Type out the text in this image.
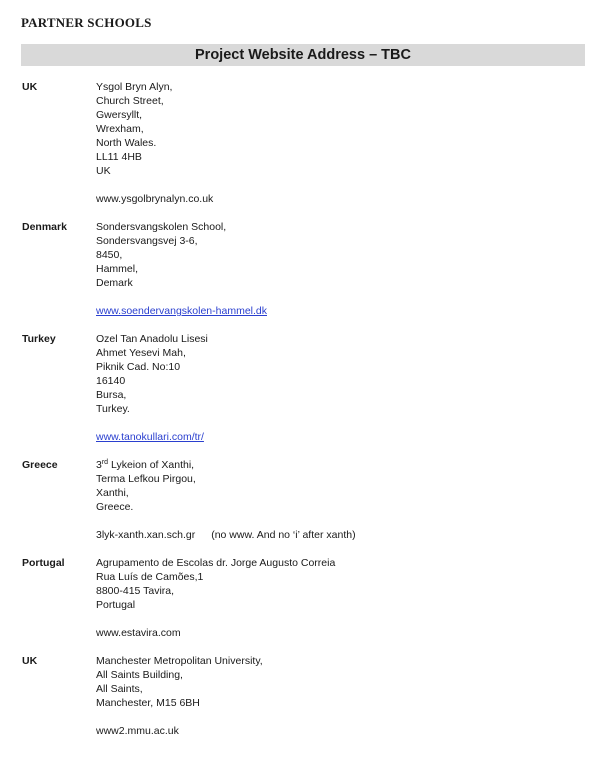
PARTNER SCHOOLS
Project Website Address – TBC
UK	Ysgol Bryn Alyn,
Church Street,
Gwersyllt,
Wrexham,
North Wales.
LL11 4HB
UK
www.ysgolbrynalyn.co.uk
Denmark	Sondersvangskolen School,
Sondersvangsvej 3-6,
8450,
Hammel,
Demark
www.soendervangskolen-hammel.dk
Turkey	Ozel Tan Anadolu Lisesi
Ahmet Yesevi Mah,
Piknik Cad. No:10
16140
Bursa,
Turkey.
www.tanokullari.com/tr/
Greece	3rd Lykeion of Xanthi,
Terma Lefkou Pirgou,
Xanthi,
Greece.
3lyk-xanth.xan.sch.gr (no www. And no ‘i’ after xanth)
Portugal	Agrupamento de Escolas dr. Jorge Augusto Correia
Rua Luís de Camões,1
8800-415 Tavira,
Portugal
www.estavira.com
UK	Manchester Metropolitan University,
All Saints Building,
All Saints,
Manchester, M15 6BH
www2.mmu.ac.uk
